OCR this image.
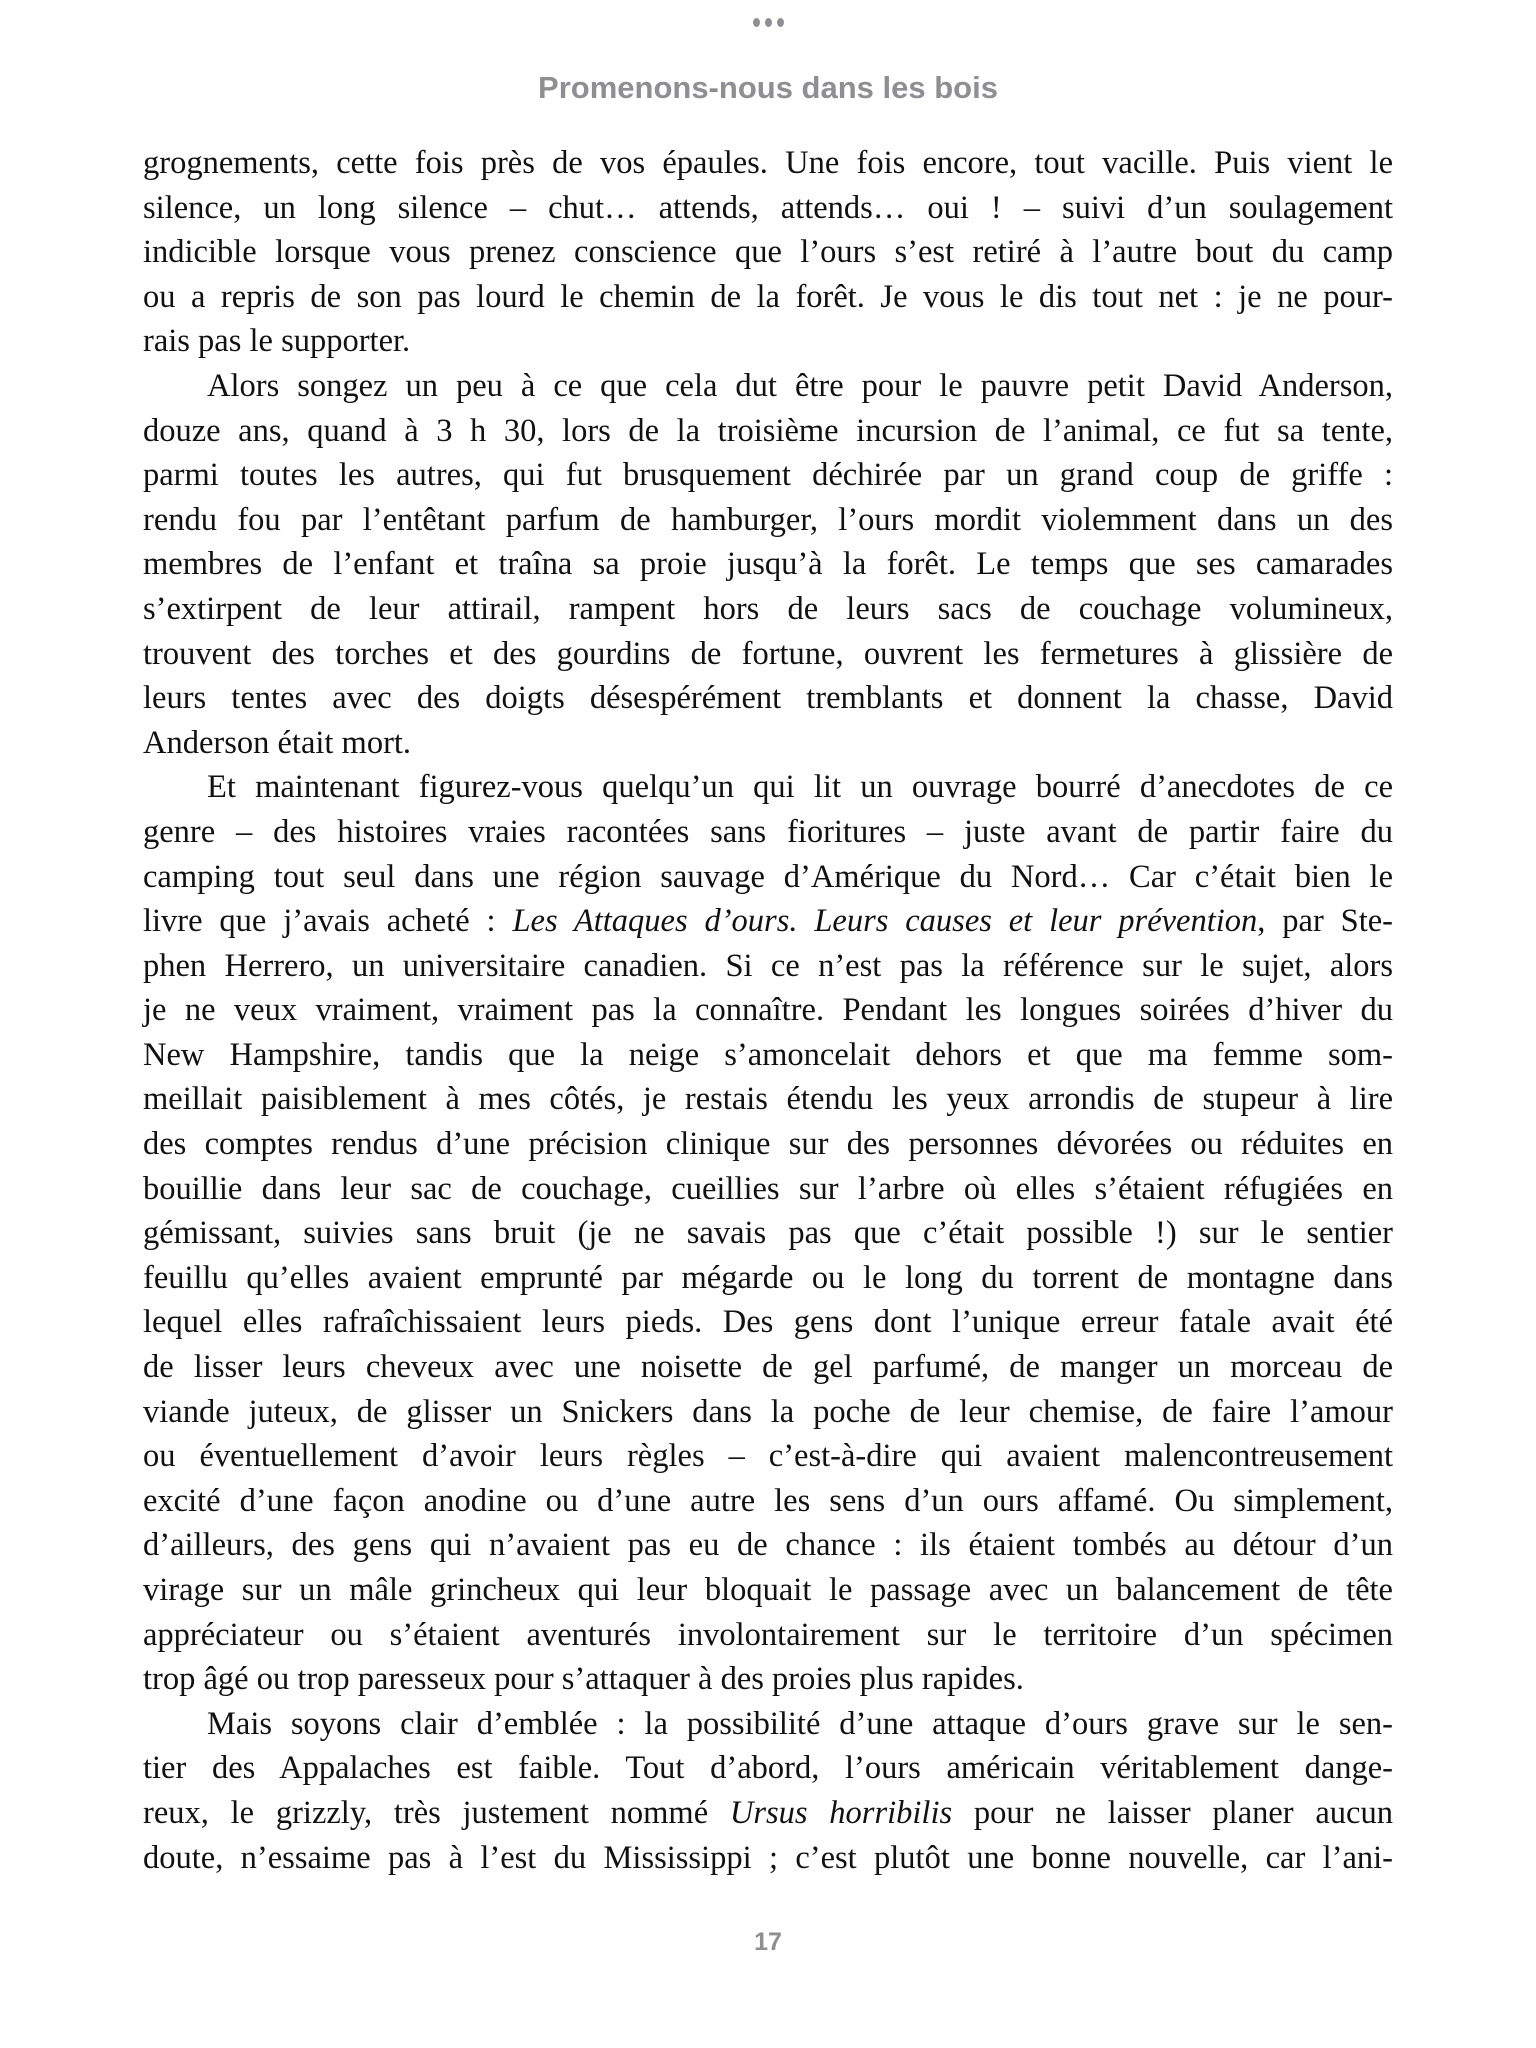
Promenons-nous dans les bois
grognements, cette fois près de vos épaules. Une fois encore, tout vacille. Puis vient le
silence, un long silence – chut… attends, attends… oui ! – suivi d’un soulagement
indicible lorsque vous prenez conscience que l’ours s’est retiré à l’autre bout du camp
ou a repris de son pas lourd le chemin de la forêt. Je vous le dis tout net : je ne pour-
rais pas le supporter.
Alors songez un peu à ce que cela dut être pour le pauvre petit David Anderson,
douze ans, quand à 3 h 30, lors de la troisième incursion de l’animal, ce fut sa tente,
parmi toutes les autres, qui fut brusquement déchirée par un grand coup de griffe :
rendu fou par l’entêtant parfum de hamburger, l’ours mordit violemment dans un des
membres de l’enfant et traîna sa proie jusqu’à la forêt. Le temps que ses camarades
s’extirpent de leur attirail, rampent hors de leurs sacs de couchage volumineux,
trouvent des torches et des gourdins de fortune, ouvrent les fermetures à glissière de
leurs tentes avec des doigts désespérément tremblants et donnent la chasse, David
Anderson était mort.
Et maintenant figurez-vous quelqu’un qui lit un ouvrage bourré d’anecdotes de ce
genre – des histoires vraies racontées sans fioritures – juste avant de partir faire du
camping tout seul dans une région sauvage d’Amérique du Nord… Car c’était bien le
livre que j’avais acheté : Les Attaques d’ours. Leurs causes et leur prévention, par Ste-
phen Herrero, un universitaire canadien. Si ce n’est pas la référence sur le sujet, alors
je ne veux vraiment, vraiment pas la connaître. Pendant les longues soirées d’hiver du
New Hampshire, tandis que la neige s’amoncelait dehors et que ma femme som-
meillait paisiblement à mes côtés, je restais étendu les yeux arrondis de stupeur à lire
des comptes rendus d’une précision clinique sur des personnes dévorées ou réduites en
bouillie dans leur sac de couchage, cueillies sur l’arbre où elles s’étaient réfugiées en
gémissant, suivies sans bruit (je ne savais pas que c’était possible !) sur le sentier
feuillu qu’elles avaient emprunté par mégarde ou le long du torrent de montagne dans
lequel elles rafraîchissaient leurs pieds. Des gens dont l’unique erreur fatale avait été
de lisser leurs cheveux avec une noisette de gel parfumé, de manger un morceau de
viande juteux, de glisser un Snickers dans la poche de leur chemise, de faire l’amour
ou éventuellement d’avoir leurs règles – c’est-à-dire qui avaient malencontreusement
excité d’une façon anodine ou d’une autre les sens d’un ours affamé. Ou simplement,
d’ailleurs, des gens qui n’avaient pas eu de chance : ils étaient tombés au détour d’un
virage sur un mâle grincheux qui leur bloquait le passage avec un balancement de tête
appréciateur ou s’étaient aventurés involontairement sur le territoire d’un spécimen
trop âgé ou trop paresseux pour s’attaquer à des proies plus rapides.
Mais soyons clair d’emblée : la possibilité d’une attaque d’ours grave sur le sen-
tier des Appalaches est faible. Tout d’abord, l’ours américain véritablement dange-
reux, le grizzly, très justement nommé Ursus horribilis pour ne laisser planer aucun
doute, n’essaime pas à l’est du Mississippi ; c’est plutôt une bonne nouvelle, car l’ani-
17
